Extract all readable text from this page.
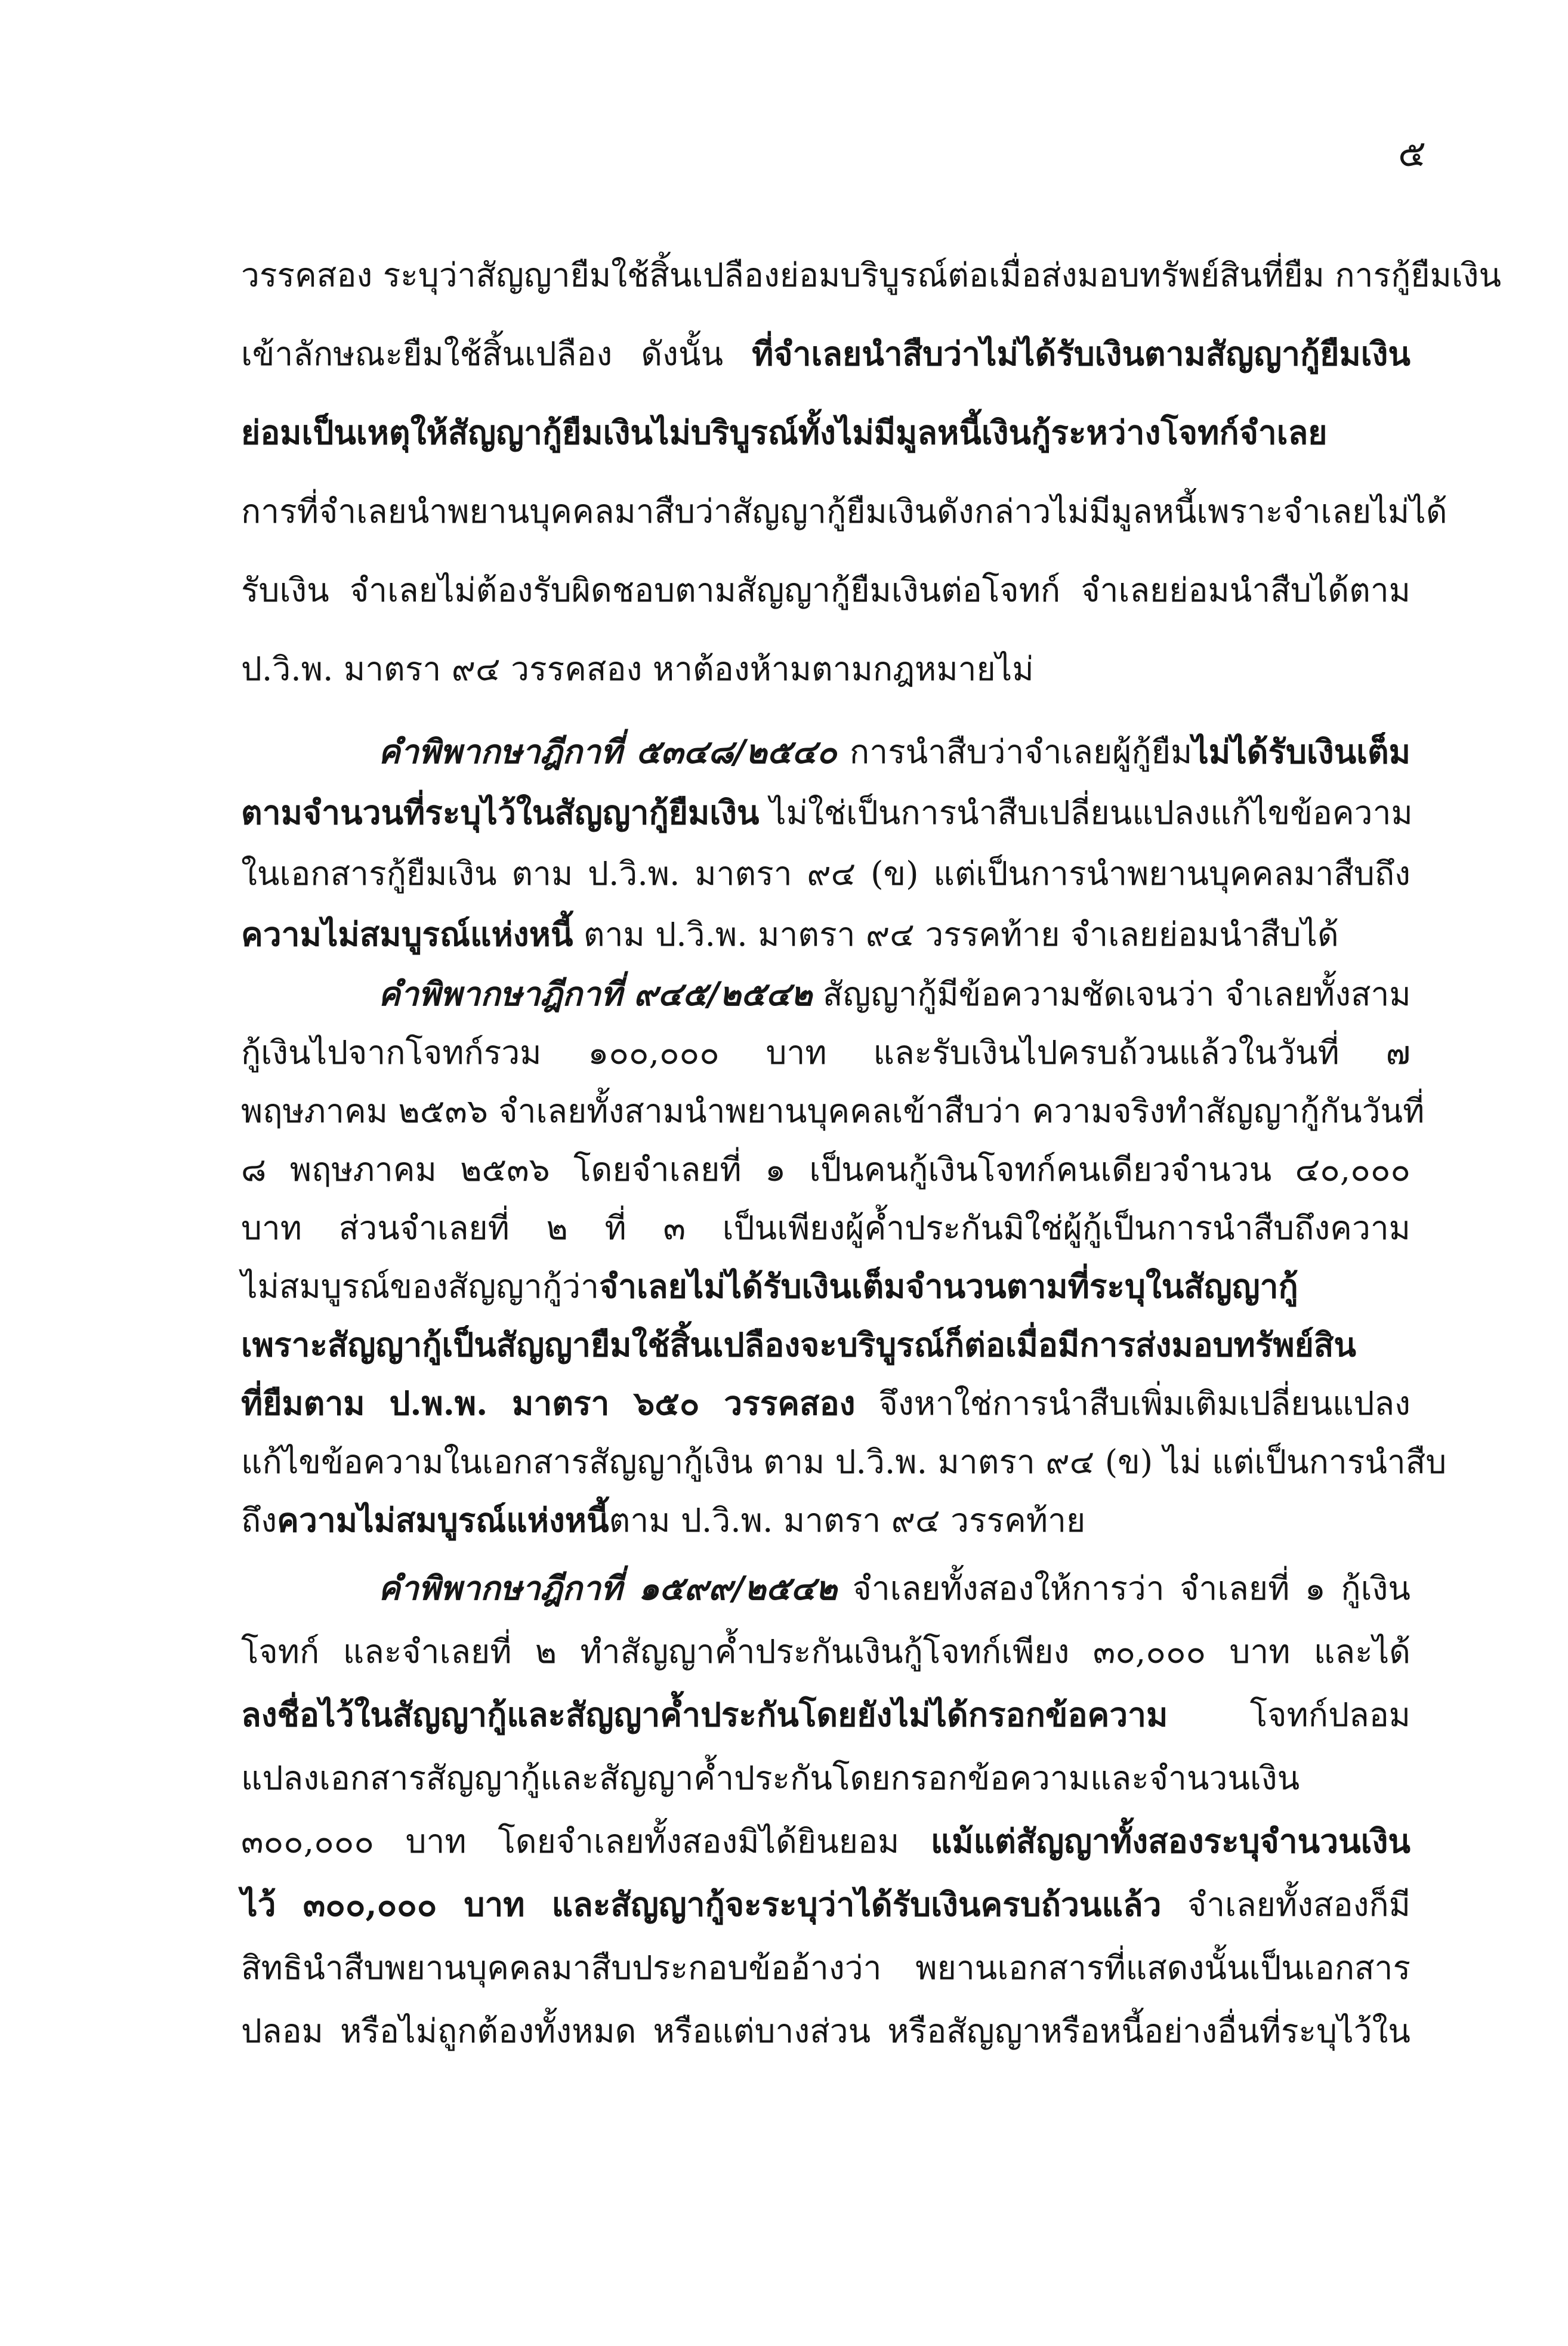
๕
วรรคสอง ระบุว่าสัญญายืมใช้สิ้นเปลืองย่อมบริบูรณ์ต่อเมื่อส่งมอบทรัพย์สินที่ยืม การกู้ยืมเงิน
เข้าลักษณะยืมใช้สิ้นเปลือง ดังนั้น ที่จำเลยนำสืบว่าไม่ได้รับเงินตามสัญญากู้ยืมเงิน
ย่อมเป็นเหตุให้สัญญากู้ยืมเงินไม่บริบูรณ์ทั้งไม่มีมูลหนี้เงินกู้ระหว่างโจทก์จำเลย
การที่จำเลยนำพยานบุคคลมาสืบว่าสัญญากู้ยืมเงินดังกล่าวไม่มีมูลหนี้เพราะจำเลยไม่ได้
รับเงิน จำเลยไม่ต้องรับผิดชอบตามสัญญากู้ยืมเงินต่อโจทก์ จำเลยย่อมนำสืบได้ตาม
ป.วิ.พ. มาตรา ๙๔ วรรคสอง หาต้องห้ามตามกฎหมายไม่
คำพิพากษาฎีกาที่ ๕๓๔๘/๒๕๔๐ การนำสืบว่าจำเลยผู้กู้ยืมไม่ได้รับเงินเต็ม
ตามจำนวนที่ระบุไว้ในสัญญากู้ยืมเงิน ไม่ใช่เป็นการนำสืบเปลี่ยนแปลงแก้ไขข้อความ
ในเอกสารกู้ยืมเงิน ตาม ป.วิ.พ. มาตรา ๙๔ (ข) แต่เป็นการนำพยานบุคคลมาสืบถึง
ความไม่สมบูรณ์แห่งหนี้ ตาม ป.วิ.พ. มาตรา ๙๔ วรรคท้าย จำเลยย่อมนำสืบได้
คำพิพากษาฎีกาที่ ๙๔๕/๒๕๔๒ สัญญากู้มีข้อความชัดเจนว่า จำเลยทั้งสาม
กู้เงินไปจากโจทก์รวม ๑๐๐,๐๐๐ บาท และรับเงินไปครบถ้วนแล้วในวันที่ ๗
พฤษภาคม ๒๕๓๖ จำเลยทั้งสามนำพยานบุคคลเข้าสืบว่า ความจริงทำสัญญากู้กันวันที่
๘ พฤษภาคม ๒๕๓๖ โดยจำเลยที่ ๑ เป็นคนกู้เงินโจทก์คนเดียวจำนวน ๔๐,๐๐๐
บาท ส่วนจำเลยที่ ๒ ที่ ๓ เป็นเพียงผู้ค้ำประกันมิใช่ผู้กู้เป็นการนำสืบถึงความ
ไม่สมบูรณ์ของสัญญากู้ว่าจำเลยไม่ได้รับเงินเต็มจำนวนตามที่ระบุในสัญญากู้
เพราะสัญญากู้เป็นสัญญายืมใช้สิ้นเปลืองจะบริบูรณ์ก็ต่อเมื่อมีการส่งมอบทรัพย์สิน
ที่ยืมตาม ป.พ.พ. มาตรา ๖๕๐ วรรคสอง จึงหาใช่การนำสืบเพิ่มเติมเปลี่ยนแปลง
แก้ไขข้อความในเอกสารสัญญากู้เงิน ตาม ป.วิ.พ. มาตรา ๙๔ (ข) ไม่ แต่เป็นการนำสืบ
ถึงความไม่สมบูรณ์แห่งหนี้ตาม ป.วิ.พ. มาตรา ๙๔ วรรคท้าย
คำพิพากษาฎีกาที่ ๑๕๙๙/๒๕๔๒ จำเลยทั้งสองให้การว่า จำเลยที่ ๑ กู้เงิน
โจทก์ และจำเลยที่ ๒ ทำสัญญาค้ำประกันเงินกู้โจทก์เพียง ๓๐,๐๐๐ บาท และได้
ลงชื่อไว้ในสัญญากู้และสัญญาค้ำประกันโดยยังไม่ได้กรอกข้อความ โจทก์ปลอม
แปลงเอกสารสัญญากู้และสัญญาค้ำประกันโดยกรอกข้อความและจำนวนเงิน
๓๐๐,๐๐๐ บาท โดยจำเลยทั้งสองมิได้ยินยอม แม้แต่สัญญาทั้งสองระบุจำนวนเงิน
ไว้ ๓๐๐,๐๐๐ บาท และสัญญากู้จะระบุว่าได้รับเงินครบถ้วนแล้ว จำเลยทั้งสองก็มี
สิทธินำสืบพยานบุคคลมาสืบประกอบข้ออ้างว่า พยานเอกสารที่แสดงนั้นเป็นเอกสาร
ปลอม หรือไม่ถูกต้องทั้งหมด หรือแต่บางส่วน หรือสัญญาหรือหนี้อย่างอื่นที่ระบุไว้ใน
